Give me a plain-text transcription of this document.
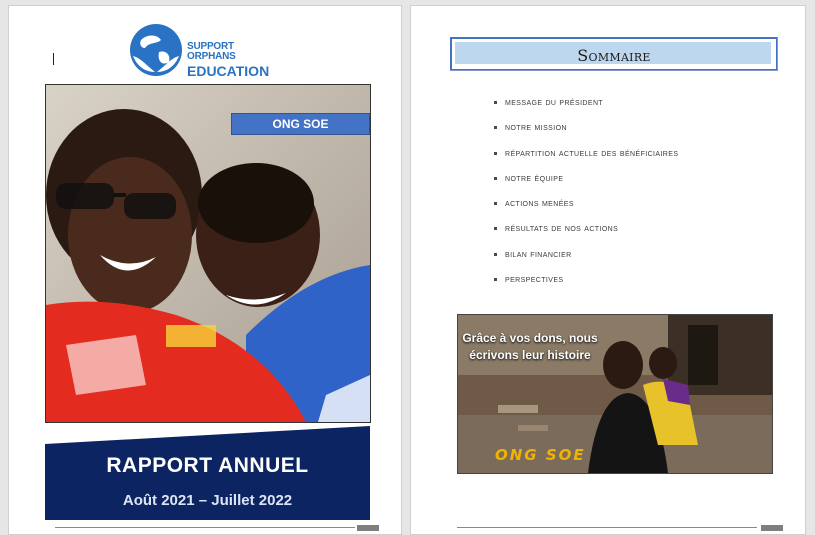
SUPPORT ORPHANS
EDUCATION
ONG SOE
RAPPORT ANNUEL
Août 2021 – Juillet 2022
Sommaire
message du président
notre mission
répartition actuelle des bénéficiaires
notre équipe
actions menées
résultats de nos actions
bilan financier
perspectives
Grâce à vos dons, nous écrivons leur histoire
ONG SOE
